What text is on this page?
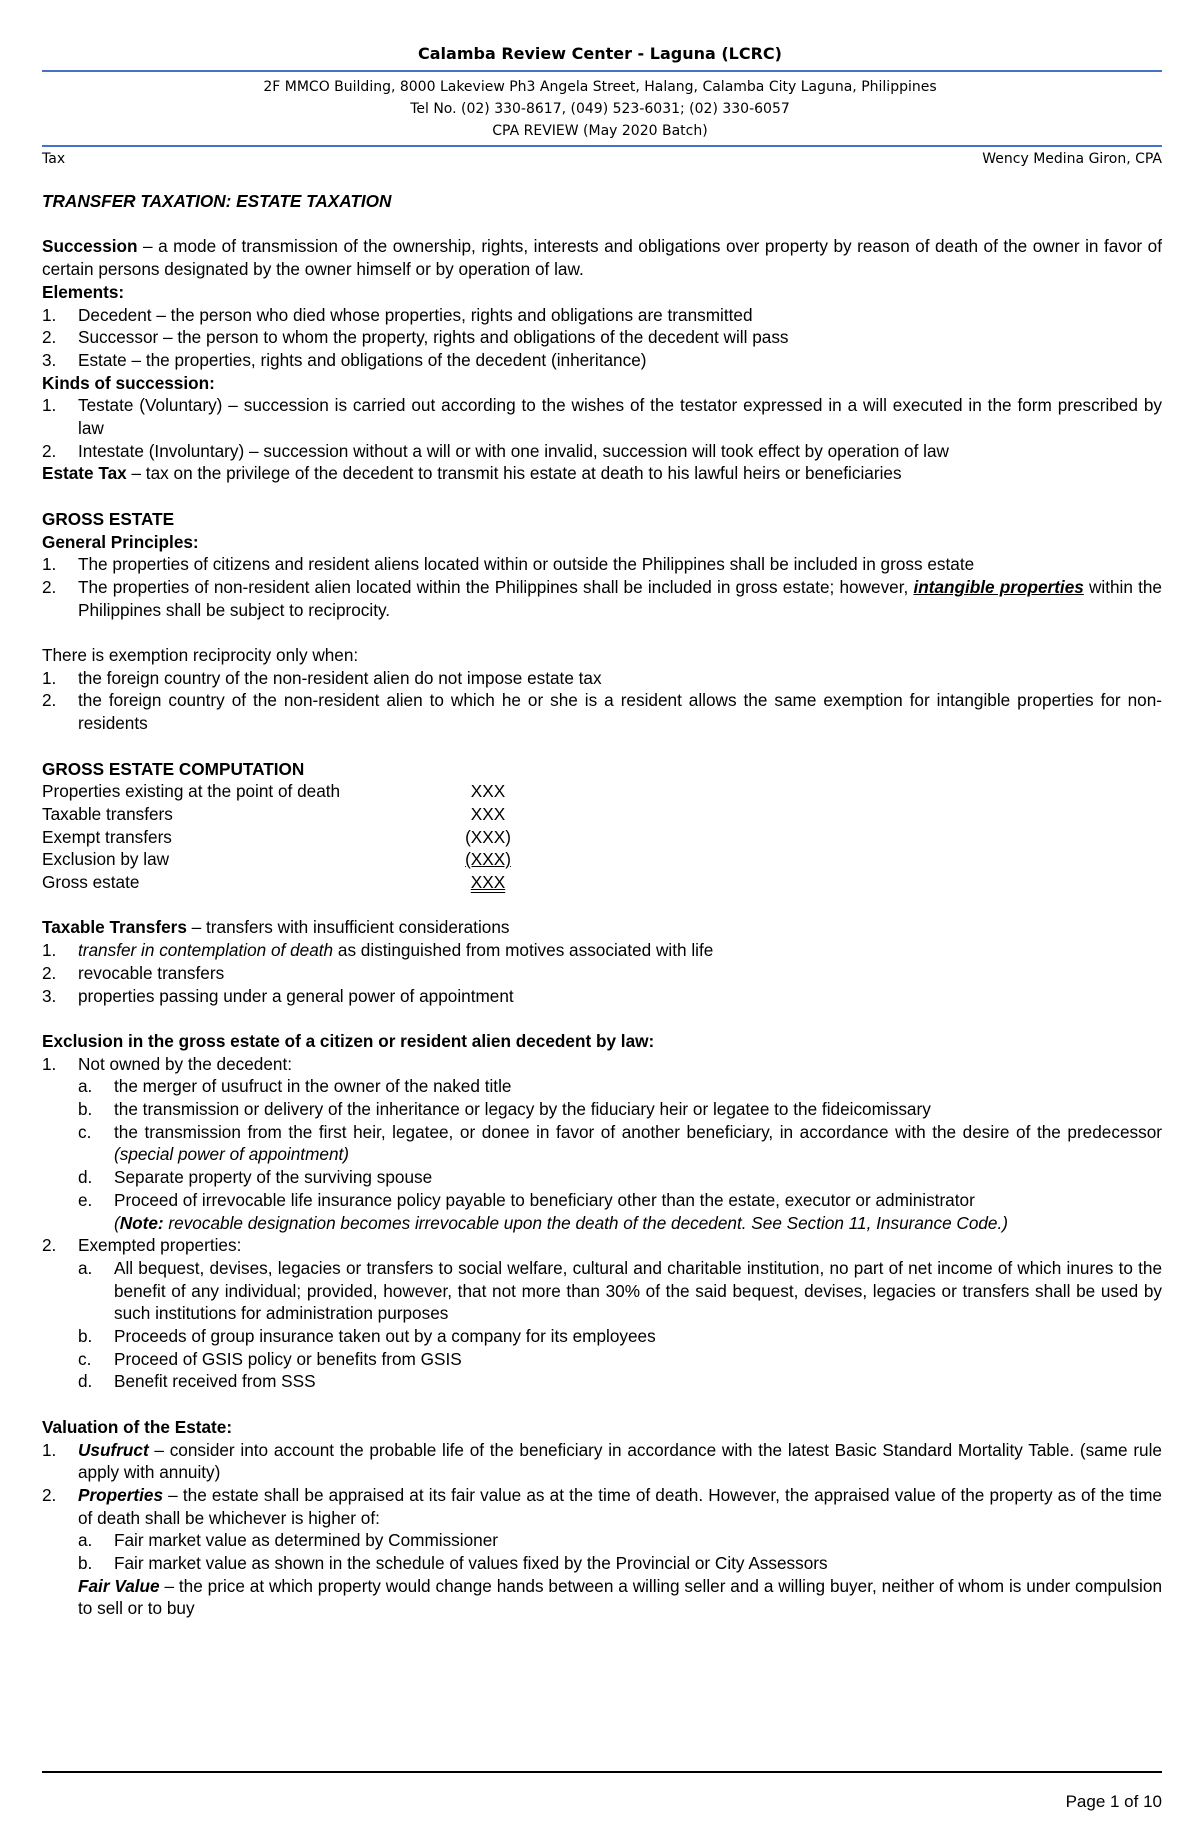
Calamba Review Center - Laguna (LCRC)
2F MMCO Building, 8000 Lakeview Ph3 Angela Street, Halang, Calamba City Laguna, Philippines
Tel No. (02) 330-8617, (049) 523-6031; (02) 330-6057
CPA REVIEW (May 2020 Batch)
Tax	Wency Medina Giron, CPA

TRANSFER TAXATION: ESTATE TAXATION

Succession – a mode of transmission of the ownership, rights, interests and obligations over property by reason of death of the owner in favor of certain persons designated by the owner himself or by operation of law.

Elements:

1. Decedent – the person who died whose properties, rights and obligations are transmitted
2. Successor – the person to whom the property, rights and obligations of the decedent will pass
3. Estate – the properties, rights and obligations of the decedent (inheritance)

Kinds of succession:

1. Testate (Voluntary) – succession is carried out according to the wishes of the testator expressed in a will executed in the form prescribed by law
2. Intestate (Involuntary) – succession without a will or with one invalid, succession will took effect by operation of law

Estate Tax – tax on the privilege of the decedent to transmit his estate at death to his lawful heirs or beneficiaries

GROSS ESTATE

General Principles:

1. The properties of citizens and resident aliens located within or outside the Philippines shall be included in gross estate
2. The properties of non-resident alien located within the Philippines shall be included in gross estate; however, intangible properties within the Philippines shall be subject to reciprocity.

There is exemption reciprocity only when:

1. the foreign country of the non-resident alien do not impose estate tax
2. the foreign country of the non-resident alien to which he or she is a resident allows the same exemption for intangible properties for non-residents

GROSS ESTATE COMPUTATION

Properties existing at the point of death	XXX
Taxable transfers	XXX
Exempt transfers	(XXX)
Exclusion by law	(XXX)
Gross estate	XXX

Taxable Transfers – transfers with insufficient considerations

1. transfer in contemplation of death as distinguished from motives associated with life
2. revocable transfers
3. properties passing under a general power of appointment

Exclusion in the gross estate of a citizen or resident alien decedent by law:

1. Not owned by the decedent:
a. the merger of usufruct in the owner of the naked title
b. the transmission or delivery of the inheritance or legacy by the fiduciary heir or legatee to the fideicomissary
c. the transmission from the first heir, legatee, or donee in favor of another beneficiary, in accordance with the desire of the predecessor (special power of appointment)
d. Separate property of the surviving spouse
e. Proceed of irrevocable life insurance policy payable to beneficiary other than the estate, executor or administrator

(Note: revocable designation becomes irrevocable upon the death of the decedent. See Section 11, Insurance Code.)

2. Exempted properties:
a. All bequest, devises, legacies or transfers to social welfare, cultural and charitable institution, no part of net income of which inures to the benefit of any individual; provided, however, that not more than 30% of the said bequest, devises, legacies or transfers shall be used by such institutions for administration purposes
b. Proceeds of group insurance taken out by a company for its employees
c. Proceed of GSIS policy or benefits from GSIS
d. Benefit received from SSS

Valuation of the Estate:

1. Usufruct – consider into account the probable life of the beneficiary in accordance with the latest Basic Standard Mortality Table. (same rule apply with annuity)
2. Properties – the estate shall be appraised at its fair value as at the time of death. However, the appraised value of the property as of the time of death shall be whichever is higher of:
a. Fair market value as determined by Commissioner
b. Fair market value as shown in the schedule of values fixed by the Provincial or City Assessors

Fair Value – the price at which property would change hands between a willing seller and a willing buyer, neither of whom is under compulsion to sell or to buy

Page 1 of 10
